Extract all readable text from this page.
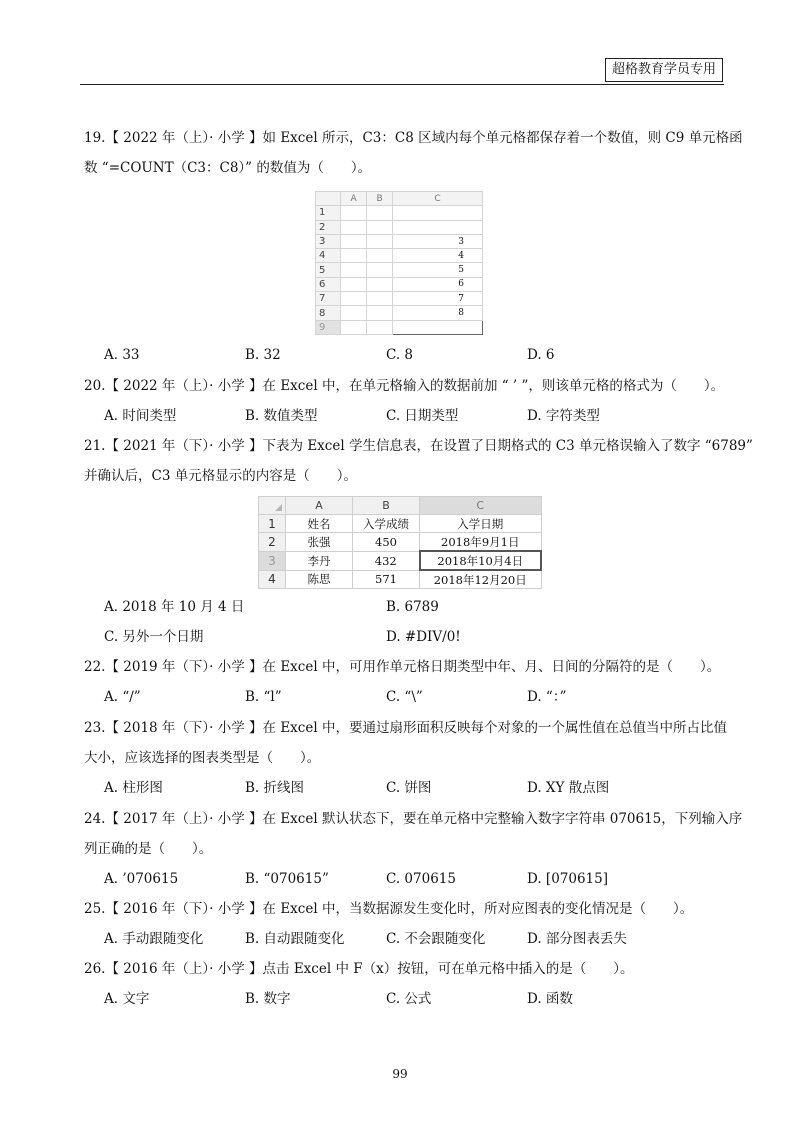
超格教育学员专用
19.【 2022 年（上）· 小学 】如 Excel 所示，C3：C8 区域内每个单元格都保存着一个数值，则 C9 单元格函
数 “=COUNT（C3：C8）” 的数值为（　　）。
	A	B	C
1			
2			
3			3
4			4
5			5
6			6
7			7
8			8
9			
A. 33	B. 32	C. 8	D. 6
20.【 2022 年（上）· 小学 】在 Excel 中，在单元格输入的数据前加 “ ’ ”，则该单元格的格式为（　　）。
A. 时间类型	B. 数值类型	C. 日期类型	D. 字符类型
21.【 2021 年（下）· 小学 】下表为 Excel 学生信息表，在设置了日期格式的 C3 单元格误输入了数字 “6789”
并确认后，C3 单元格显示的内容是（　　）。
	A	B	C
1	姓名	入学成绩	入学日期
2	张强	450	2018年9月1日
3	李丹	432	2018年10月4日
4	陈思	571	2018年12月20日
A. 2018 年 10 月 4 日	B. 6789
C. 另外一个日期	D. #DIV/0!
22.【 2019 年（下）· 小学 】在 Excel 中，可用作单元格日期类型中年、月、日间的分隔符的是（　　）。
A. “/”	B. “l”	C. “\”	D. “：”
23.【 2018 年（下）· 小学 】在 Excel 中，要通过扇形面积反映每个对象的一个属性值在总值当中所占比值
大小，应该选择的图表类型是（　　）。
A. 柱形图	B. 折线图	C. 饼图	D. XY 散点图
24.【 2017 年（上）· 小学 】在 Excel 默认状态下，要在单元格中完整输入数字字符串 070615，下列输入序
列正确的是（　　）。
A. ’070615	B. “070615”	C. 070615	D. [070615]
25.【 2016 年（下）· 小学 】在 Excel 中，当数据源发生变化时，所对应图表的变化情况是（　　）。
A. 手动跟随变化	B. 自动跟随变化	C. 不会跟随变化	D. 部分图表丢失
26.【 2016 年（上）· 小学 】点击 Excel 中 F（x）按钮，可在单元格中插入的是（　　）。
A. 文字	B. 数字	C. 公式	D. 函数
99
